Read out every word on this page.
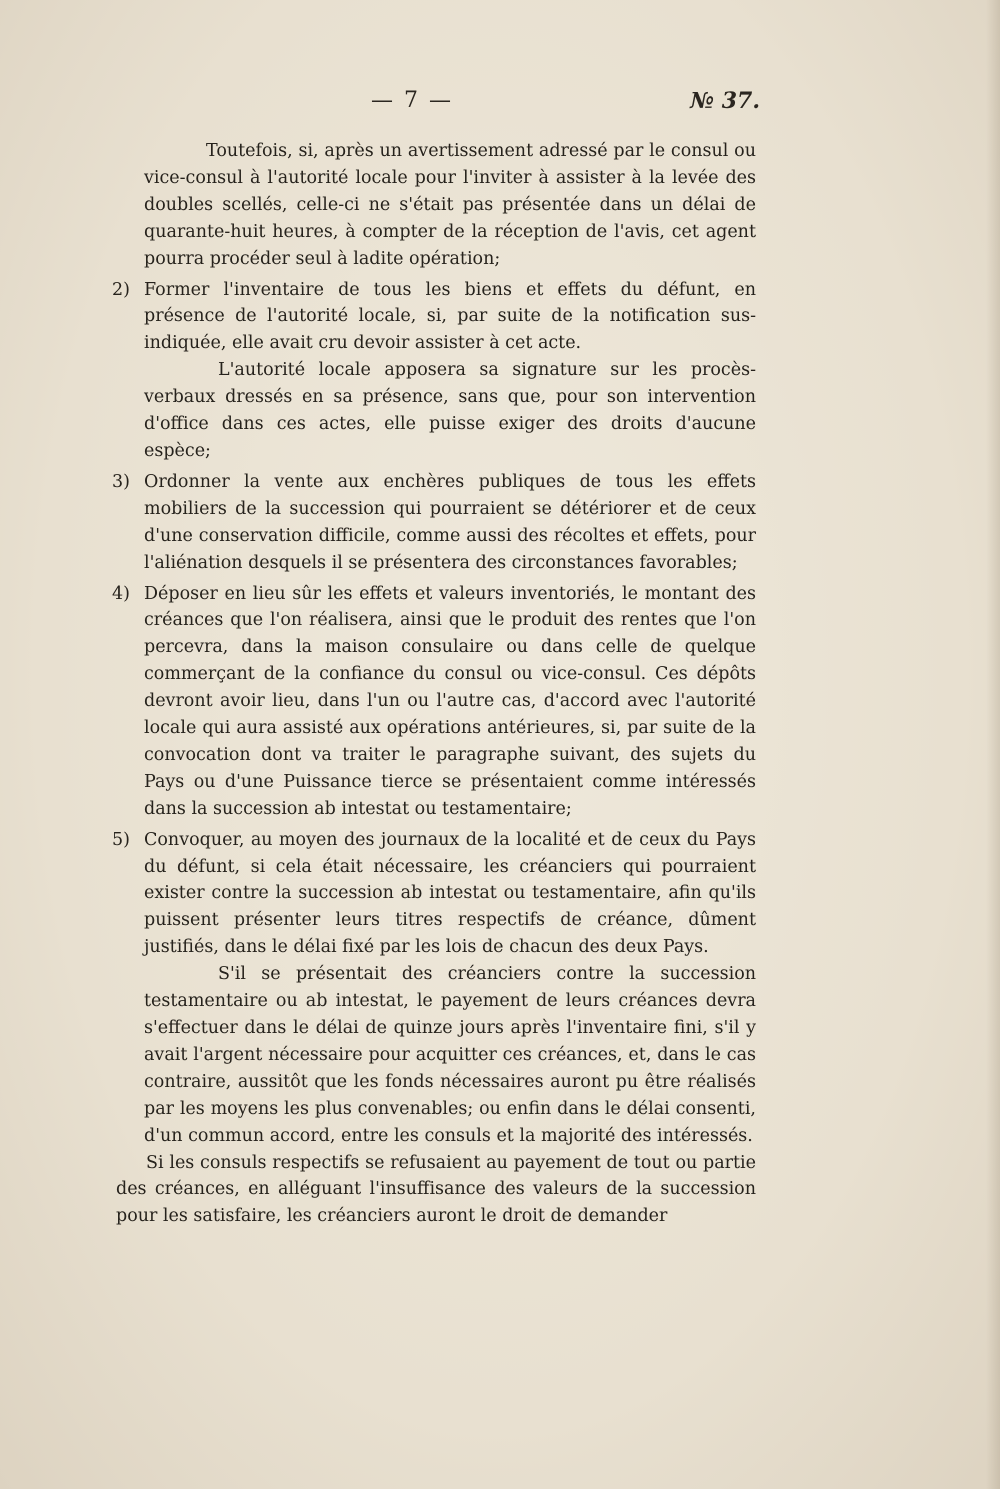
— 7 —	№ 37.

Toutefois, si, après un avertissement adressé par le consul ou vice-consul à l'autorité locale pour l'inviter à assister à la levée des doubles scellés, celle-ci ne s'était pas présentée dans un délai de quarante-huit heures, à compter de la réception de l'avis, cet agent pourra procéder seul à ladite opération;

2) Former l'inventaire de tous les biens et effets du défunt, en présence de l'autorité locale, si, par suite de la notification sus-indiquée, elle avait cru devoir assister à cet acte.

L'autorité locale apposera sa signature sur les procès-verbaux dressés en sa présence, sans que, pour son intervention d'office dans ces actes, elle puisse exiger des droits d'aucune espèce;

3) Ordonner la vente aux enchères publiques de tous les effets mobiliers de la succession qui pourraient se détériorer et de ceux d'une conservation difficile, comme aussi des récoltes et effets, pour l'aliénation desquels il se présentera des circonstances favorables;

4) Déposer en lieu sûr les effets et valeurs inventoriés, le montant des créances que l'on réalisera, ainsi que le produit des rentes que l'on percevra, dans la maison consulaire ou dans celle de quelque commerçant de la confiance du consul ou vice-consul. Ces dépôts devront avoir lieu, dans l'un ou l'autre cas, d'accord avec l'autorité locale qui aura assisté aux opérations antérieures, si, par suite de la convocation dont va traiter le paragraphe suivant, des sujets du Pays ou d'une Puissance tierce se présentaient comme intéressés dans la succession ab intestat ou testamentaire;

5) Convoquer, au moyen des journaux de la localité et de ceux du Pays du défunt, si cela était nécessaire, les créanciers qui pourraient exister contre la succession ab intestat ou testamentaire, afin qu'ils puissent présenter leurs titres respectifs de créance, dûment justifiés, dans le délai fixé par les lois de chacun des deux Pays.

S'il se présentait des créanciers contre la succession testamentaire ou ab intestat, le payement de leurs créances devra s'effectuer dans le délai de quinze jours après l'inventaire fini, s'il y avait l'argent nécessaire pour acquitter ces créances, et, dans le cas contraire, aussitôt que les fonds nécessaires auront pu être réalisés par les moyens les plus convenables; ou enfin dans le délai consenti, d'un commun accord, entre les consuls et la majorité des intéressés.

Si les consuls respectifs se refusaient au payement de tout ou partie des créances, en alléguant l'insuffisance des valeurs de la succession pour les satisfaire, les créanciers auront le droit de demander
